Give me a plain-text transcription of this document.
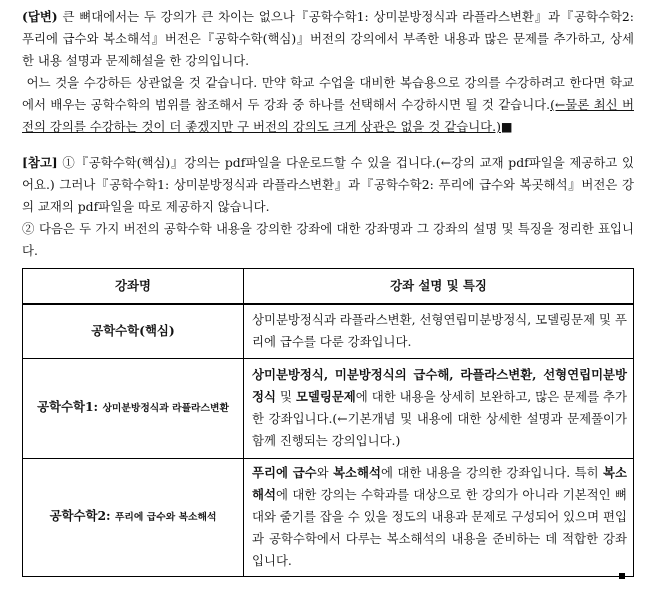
(답변) 큰 뼈대에서는 두 강의가 큰 차이는 없으나『공학수학1: 상미분방정식과 라플라스변환』과『공학수학2: 푸리에 급수와 복소해석』버전은『공학수학(핵심)』버전의 강의에서 부족한 내용과 많은 문제를 추가하고, 상세한 내용 설명과 문제해설을 한 강의입니다.

어느 것을 수강하든 상관없을 것 같습니다. 만약 학교 수업을 대비한 복습용으로 강의를 수강하려고 한다면 학교에서 배우는 공학수학의 범위를 참조해서 두 강좌 중 하나를 선택해서 수강하시면 될 것 같습니다.(←물론 최신 버전의 강의를 수강하는 것이 더 좋겠지만 구 버전의 강의도 크게 상관은 없을 것 같습니다.)■

[참고] ①『공학수학(핵심)』강의는 pdf파일을 다운로드할 수 있을 겁니다.(←강의 교재 pdf파일을 제공하고 있어요.) 그러나『공학수학1: 상미분방정식과 라플라스변환』과『공학수학2: 푸리에 급수와 복곳해석』버전은 강의 교재의 pdf파일을 따로 제공하지 않습니다.

② 다음은 두 가지 버전의 공학수학 내용을 강의한 강좌에 대한 강좌명과 그 강좌의 설명 및 특징을 정리한 표입니다.

강좌명	강좌 설명 및 특징
공학수학(핵심)	상미분방정식과 라플라스변환, 선형연립미분방정식, 모델링문제 및 푸리에 급수를 다룬 강좌입니다.
공학수학1: 상미분방정식과 라플라스변환	상미분방정식, 미분방정식의 급수해, 라플라스변환, 선형연립미분방정식 및 모델링문제에 대한 내용을 상세히 보완하고, 많은 문제를 추가한 강좌입니다.(←기본개념 및 내용에 대한 상세한 설명과 문제풀이가 함께 진행되는 강의입니다.)
공학수학2: 푸리에 급수와 복소해석	푸리에 급수와 복소해석에 대한 내용을 강의한 강좌입니다. 특히 복소해석에 대한 강의는 수학과를 대상으로 한 강의가 아니라 기본적인 뼈대와 줄기를 잡을 수 있을 정도의 내용과 문제로 구성되어 있으며 편입과 공학수학에서 다루는 복소해석의 내용을 준비하는 데 적합한 강좌입니다.
